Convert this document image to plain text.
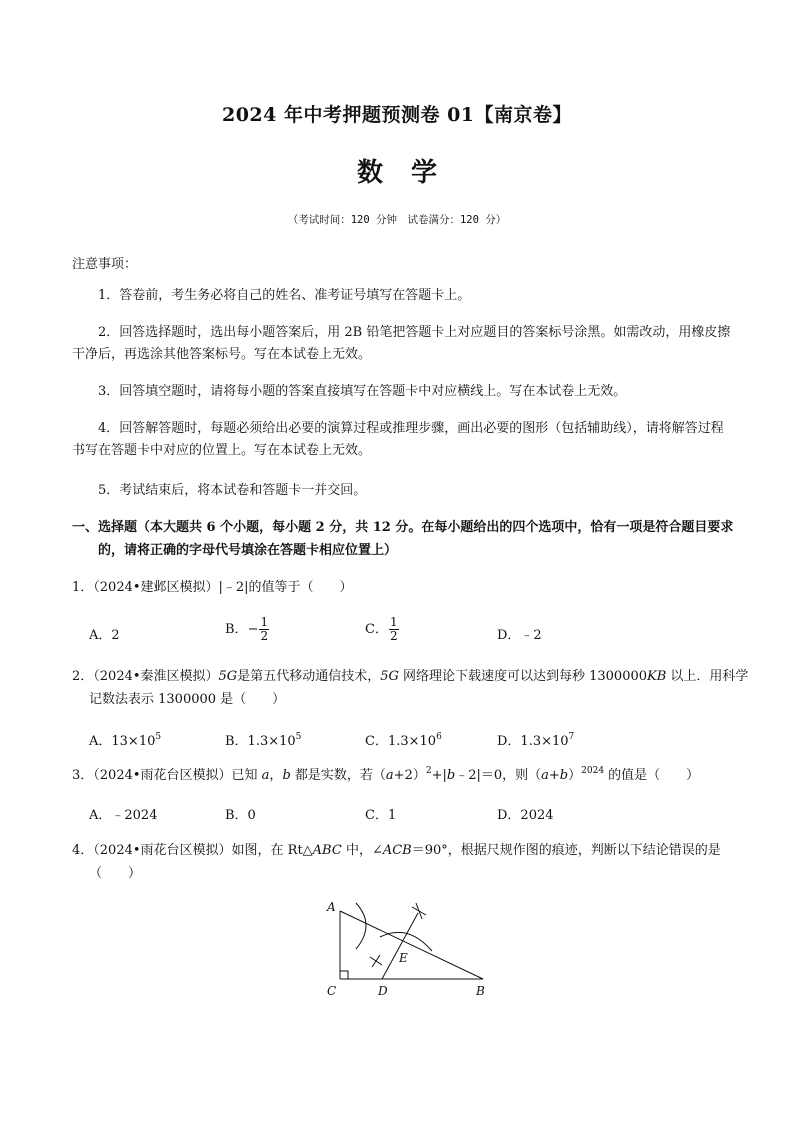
2024 年中考押题预测卷 01【南京卷】
数学
（考试时间：120 分钟　试卷满分：120 分）
注意事项：
1．答卷前，考生务必将自己的姓名、准考证号填写在答题卡上。
2．回答选择题时，选出每小题答案后，用 2B 铅笔把答题卡上对应题目的答案标号涂黑。如需改动，用橡皮擦干净后，再选涂其他答案标号。写在本试卷上无效。
3．回答填空题时，请将每小题的答案直接填写在答题卡中对应横线上。写在本试卷上无效。
4．回答解答题时，每题必须给出必要的演算过程或推理步骤，画出必要的图形（包括辅助线），请将解答过程书写在答题卡中对应的位置上。写在本试卷上无效。
5．考试结束后，将本试卷和答题卡一并交回。
一、选择题（本大题共 6 个小题，每小题 2 分，共 12 分。在每小题给出的四个选项中，恰有一项是符合题目要求的，请将正确的字母代号填涂在答题卡相应位置上）
1．（2024•建邺区模拟）|﹣2|的值等于（　　）
A．2	B．− $\frac{1}{2}$	C． $\frac{1}{2}$	D．﹣2
2．（2024•秦淮区模拟）5G是第五代移动通信技术，5G 网络理论下载速度可以达到每秒 1300000KB 以上．用科学记数法表示 1300000 是（　　）
A．$13\times 10^5$	B．$1.3\times 10^5$	C．$1.3\times 10^6$	D．$1.3\times 10^7$
3．（2024•雨花台区模拟）已知 a，b 都是实数，若$(a+2)^2+|b﹣2|=0$，则$(a+b)^{2024}$ 的值是（　　）
A．﹣2024	B．0	C．1	D．2024
4．（2024•雨花台区模拟）如图，在 Rt△ABC 中，∠ACB＝90°，根据尺规作图的痕迹，判断以下结论错误的是（　　）
A
C	D	B
E
